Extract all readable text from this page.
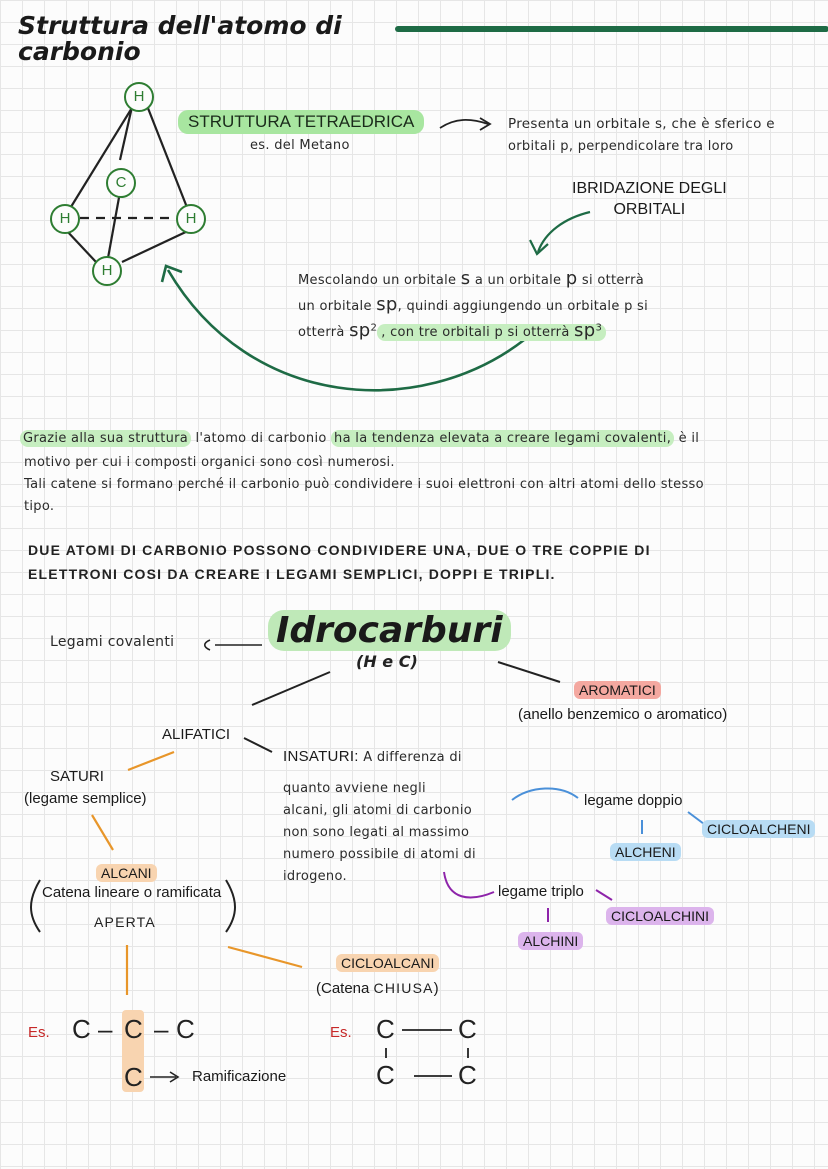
Struttura dell'atomo di
carbonio
H
C
H	H
H
STRUTTURA TETRAEDRICA
es. del Metano
Presenta un orbitale s, che è sferico e
orbitali p, perpendicolare tra loro
IBRIDAZIONE DEGLI
ORBITALI
Mescolando un orbitale s a un orbitale p si otterrà
un orbitale sp, quindi aggiungendo un orbitale p si
otterrà $sp^2$ , con tre orbitali p si otterrà $sp^3$
Grazie alla sua struttura l'atomo di carbonio ha la tendenza elevata a creare legami covalenti, è il
motivo per cui i composti organici sono così numerosi.
Tali catene si formano perché il carbonio può condividere i suoi elettroni con altri atomi dello stesso
tipo.
DUE ATOMI DI CARBONIO POSSONO CONDIVIDERE UNA, DUE O TRE COPPIE DI
ELETTRONI COSI DA CREARE I LEGAMI SEMPLICI, DOPPI E TRIPLI.
Legami covalenti	Idrocarburi
(H e C)
AROMATICI
(anello benzemico o aromatico)
ALIFATICI
INSATURI: A differenza di
quanto avviene negli
alcani, gli atomi di carbonio
non sono legati al massimo
numero possibile di atomi di
idrogeno.
SATURI
(legame semplice)
ALCANI
Catena lineare o ramificata
APERTA
legame doppio
CICLOALCHENI
ALCHENI
legame triplo
CICLOALCHINI
ALCHINI
CICLOALCANI
(Catena CHIUSA)
Es. C – C – C
C	Ramificazione
Es. C C
C C
